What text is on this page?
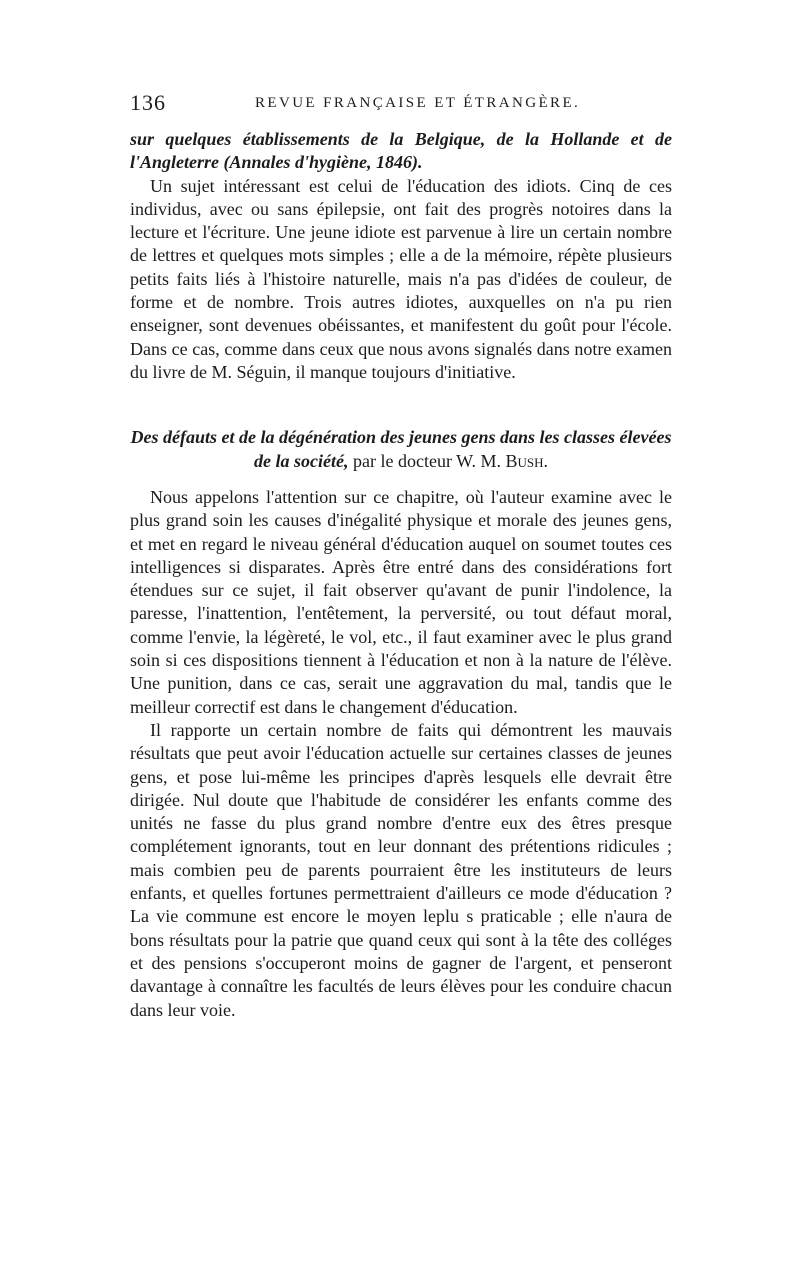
136	REVUE FRANÇAISE ET ÉTRANGÈRE.

sur quelques établissements de la Belgique, de la Hollande et de l'Angleterre (Annales d'hygiène, 1846).

Un sujet intéressant est celui de l'éducation des idiots. Cinq de ces individus, avec ou sans épilepsie, ont fait des progrès notoires dans la lecture et l'écriture. Une jeune idiote est parvenue à lire un certain nombre de lettres et quelques mots simples ; elle a de la mémoire, répète plusieurs petits faits liés à l'histoire naturelle, mais n'a pas d'idées de couleur, de forme et de nombre. Trois autres idiotes, auxquelles on n'a pu rien enseigner, sont devenues obéissantes, et manifestent du goût pour l'école. Dans ce cas, comme dans ceux que nous avons signalés dans notre examen du livre de M. Séguin, il manque toujours d'initiative.

Des défauts et de la dégénération des jeunes gens dans les classes élevées de la société, par le docteur W. M. Bush.

Nous appelons l'attention sur ce chapitre, où l'auteur examine avec le plus grand soin les causes d'inégalité physique et morale des jeunes gens, et met en regard le niveau général d'éducation auquel on soumet toutes ces intelligences si disparates. Après être entré dans des considérations fort étendues sur ce sujet, il fait observer qu'avant de punir l'indolence, la paresse, l'inattention, l'entêtement, la perversité, ou tout défaut moral, comme l'envie, la légèreté, le vol, etc., il faut examiner avec le plus grand soin si ces dispositions tiennent à l'éducation et non à la nature de l'élève. Une punition, dans ce cas, serait une aggravation du mal, tandis que le meilleur correctif est dans le changement d'éducation.

Il rapporte un certain nombre de faits qui démontrent les mauvais résultats que peut avoir l'éducation actuelle sur certaines classes de jeunes gens, et pose lui-même les principes d'après lesquels elle devrait être dirigée. Nul doute que l'habitude de considérer les enfants comme des unités ne fasse du plus grand nombre d'entre eux des êtres presque complétement ignorants, tout en leur donnant des prétentions ridicules ; mais combien peu de parents pourraient être les instituteurs de leurs enfants, et quelles fortunes permettraient d'ailleurs ce mode d'éducation ? La vie commune est encore le moyen leplu s praticable ; elle n'aura de bons résultats pour la patrie que quand ceux qui sont à la tête des colléges et des pensions s'occuperont moins de gagner de l'argent, et penseront davantage à connaître les facultés de leurs élèves pour les conduire chacun dans leur voie.
